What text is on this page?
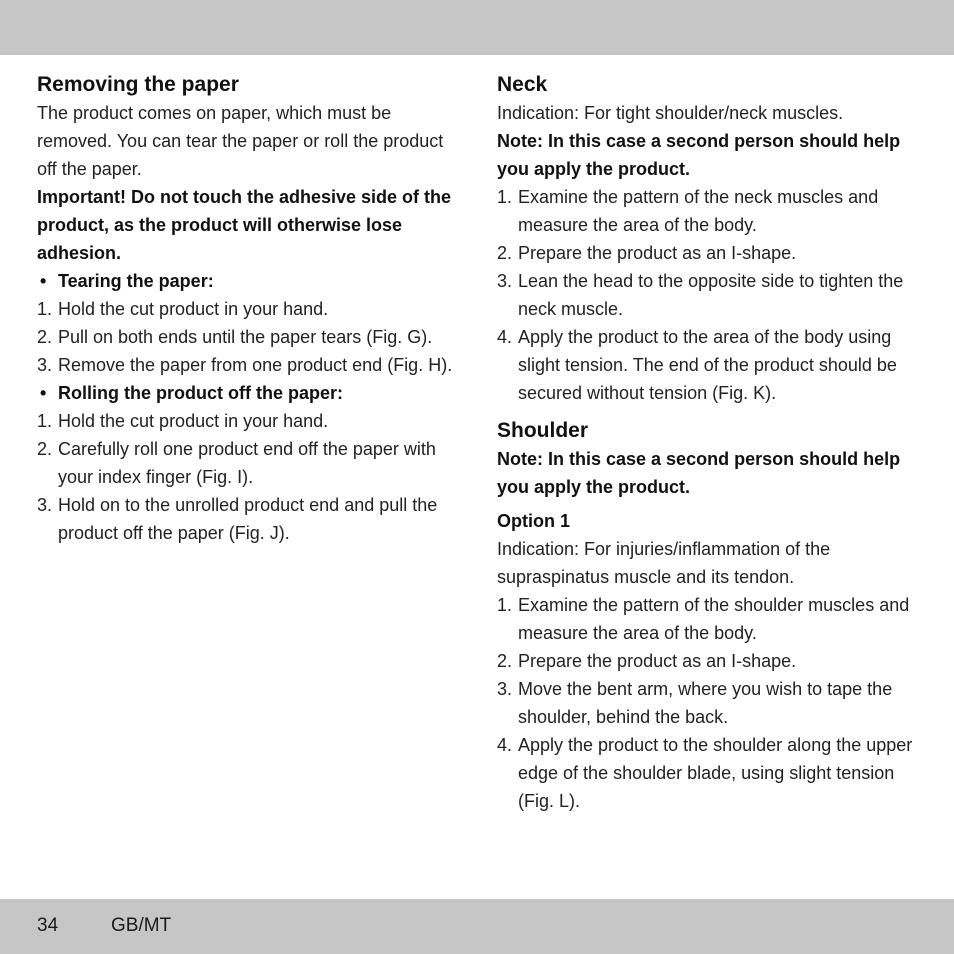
Removing the paper

The product comes on paper, which must be removed. You can tear the paper or roll the product off the paper.

Important! Do not touch the adhesive side of the product, as the product will otherwise lose adhesion.

• Tearing the paper:
1. Hold the cut product in your hand.
2. Pull on both ends until the paper tears (Fig. G).
3. Remove the paper from one product end (Fig. H).
• Rolling the product off the paper:
1. Hold the cut product in your hand.
2. Carefully roll one product end off the paper with your index finger (Fig. I).
3. Hold on to the unrolled product end and pull the product off the paper (Fig. J).
Neck

Indication: For tight shoulder/neck muscles.

Note: In this case a second person should help you apply the product.

1. Examine the pattern of the neck muscles and measure the area of the body.
2. Prepare the product as an I-shape.
3. Lean the head to the opposite side to tighten the neck muscle.
4. Apply the product to the area of the body using slight tension. The end of the product should be secured without tension (Fig. K).
Shoulder

Note: In this case a second person should help you apply the product.

Option 1

Indication: For injuries/inflammation of the supraspinatus muscle and its tendon.

1. Examine the pattern of the shoulder muscles and measure the area of the body.
2. Prepare the product as an I-shape.
3. Move the bent arm, where you wish to tape the shoulder, behind the back.
4. Apply the product to the shoulder along the upper edge of the shoulder blade, using slight tension (Fig. L).
34	GB/MT
